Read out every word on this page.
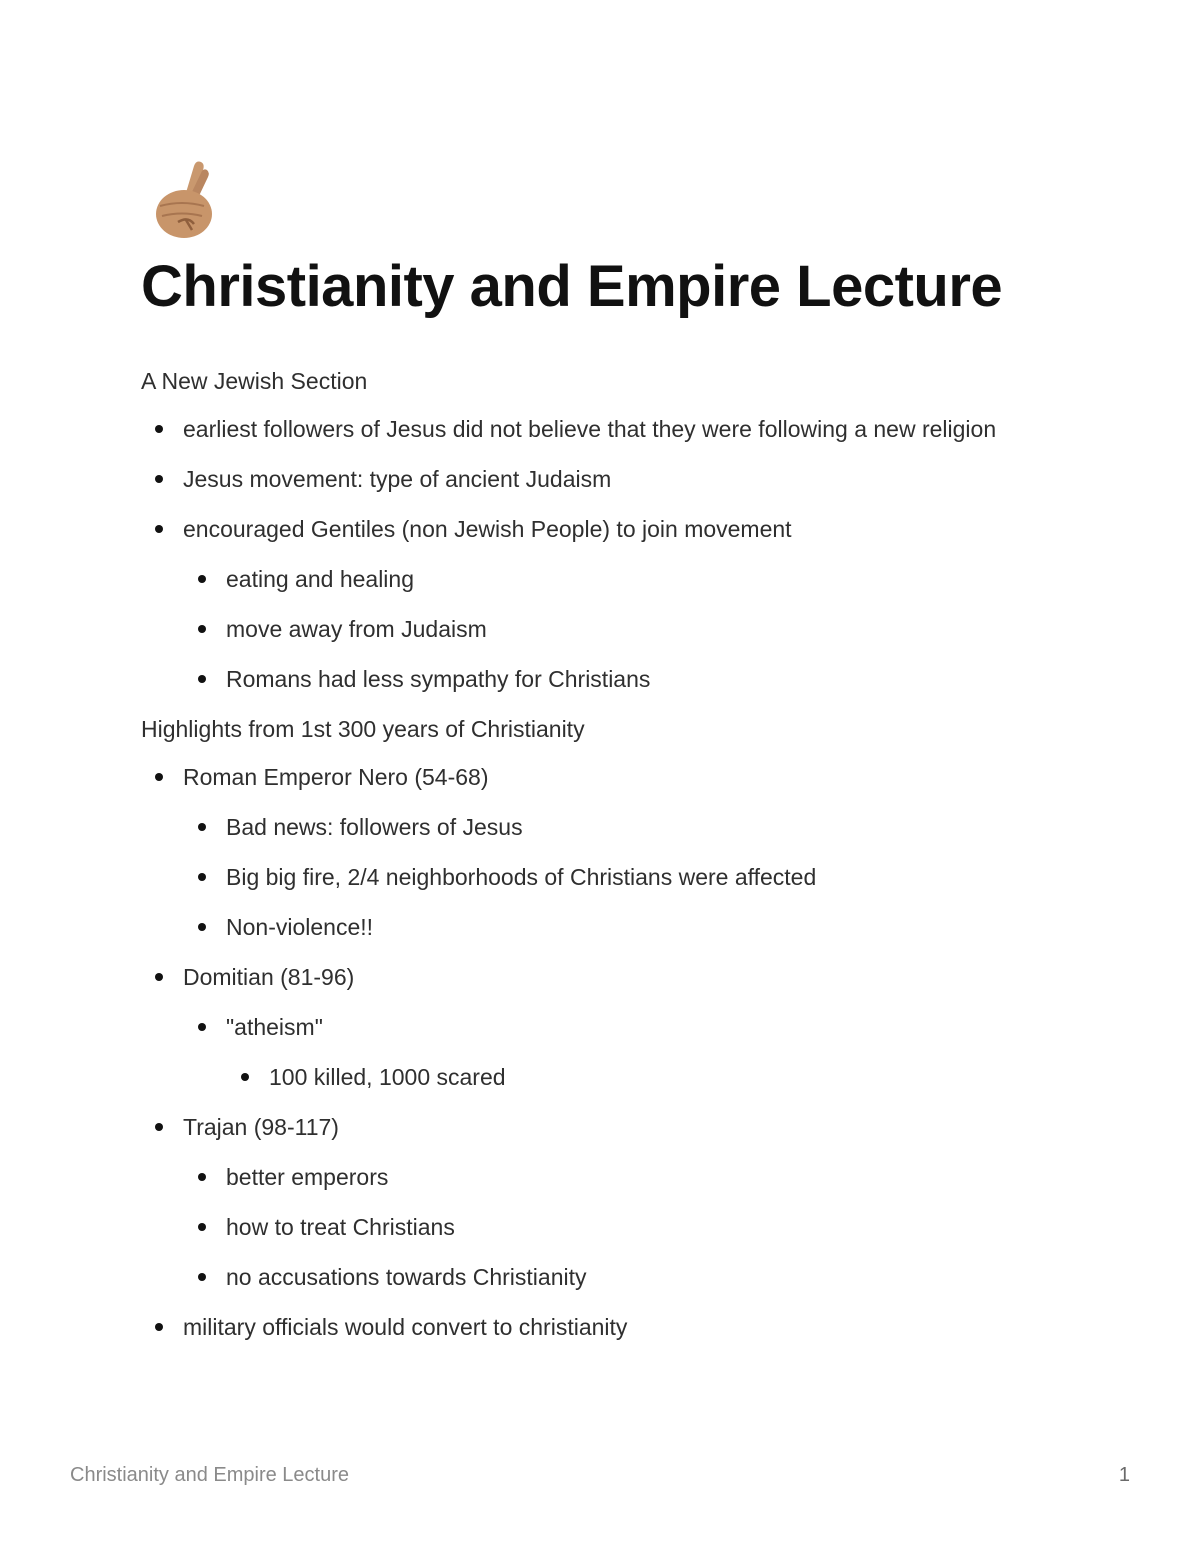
Christianity and Empire Lecture

A New Jewish Section

earliest followers of Jesus did not believe that they were following a new religion
Jesus movement: type of ancient Judaism
encouraged Gentiles (non Jewish People) to join movement
eating and healing
move away from Judaism
Romans had less sympathy for Christians

Highlights from 1st 300 years of Christianity

Roman Emperor Nero (54-68)
Bad news: followers of Jesus
Big big fire, 2/4 neighborhoods of Christians were affected
Non-violence!!
Domitian (81-96)
"atheism"
100 killed, 1000 scared
Trajan (98-117)
better emperors
how to treat Christians
no accusations towards Christianity
military officials would convert to christianity
Christianity and Empire Lecture	1
